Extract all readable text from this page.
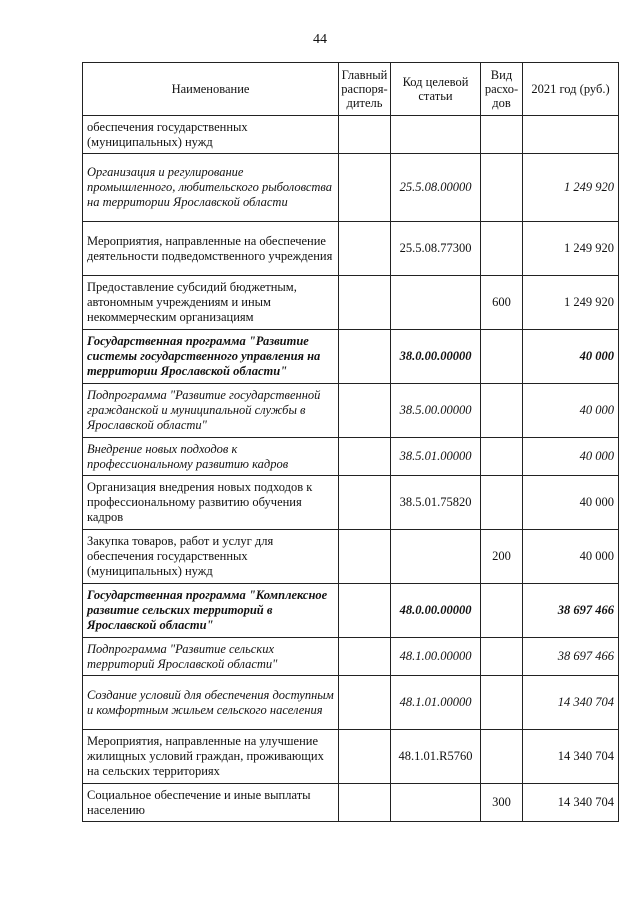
44
Наименование	Главный распоря-дитель	Код целевой статьи	Вид расхо-дов	2021 год (руб.)
обеспечения государственных (муниципальных) нужд				
Организация и регулирование промышленного, любительского рыболовства на территории Ярославской области		25.5.08.00000		1 249 920
Мероприятия, направленные на обеспечение деятельности подведомственного учреждения		25.5.08.77300		1 249 920
Предоставление субсидий бюджетным, автономным учреждениям и иным некоммерческим организациям			600	1 249 920
Государственная программа "Развитие системы государственного управления на территории Ярославской области"		38.0.00.00000		40 000
Подпрограмма "Развитие государственной гражданской и муниципальной службы в Ярославской области"		38.5.00.00000		40 000
Внедрение новых подходов к профессиональному развитию кадров		38.5.01.00000		40 000
Организация внедрения новых подходов к профессиональному развитию обучения кадров		38.5.01.75820		40 000
Закупка товаров, работ и услуг для обеспечения государственных (муниципальных) нужд			200	40 000
Государственная программа "Комплексное развитие сельских территорий в Ярославской области"		48.0.00.00000		38 697 466
Подпрограмма "Развитие сельских территорий Ярославской области"		48.1.00.00000		38 697 466
Создание условий для обеспечения доступным и комфортным жильем сельского населения		48.1.01.00000		14 340 704
Мероприятия, направленные на улучшение жилищных условий граждан, проживающих на сельских территориях		48.1.01.R5760		14 340 704
Социальное обеспечение и иные выплаты населению			300	14 340 704
